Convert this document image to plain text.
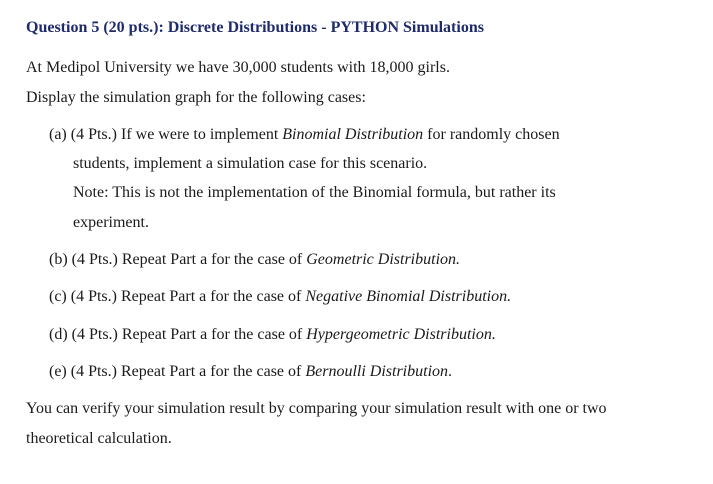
Question 5 (20 pts.): Discrete Distributions - PYTHON Simulations
At Medipol University we have 30,000 students with 18,000 girls.
Display the simulation graph for the following cases:
(a) (4 Pts.) If we were to implement Binomial Distribution for randomly chosen
students, implement a simulation case for this scenario.
Note: This is not the implementation of the Binomial formula, but rather its
experiment.
(b) (4 Pts.) Repeat Part a for the case of Geometric Distribution.
(c) (4 Pts.) Repeat Part a for the case of Negative Binomial Distribution.
(d) (4 Pts.) Repeat Part a for the case of Hypergeometric Distribution.
(e) (4 Pts.) Repeat Part a for the case of Bernoulli Distribution.
You can verify your simulation result by comparing your simulation result with one or two
theoretical calculation.
